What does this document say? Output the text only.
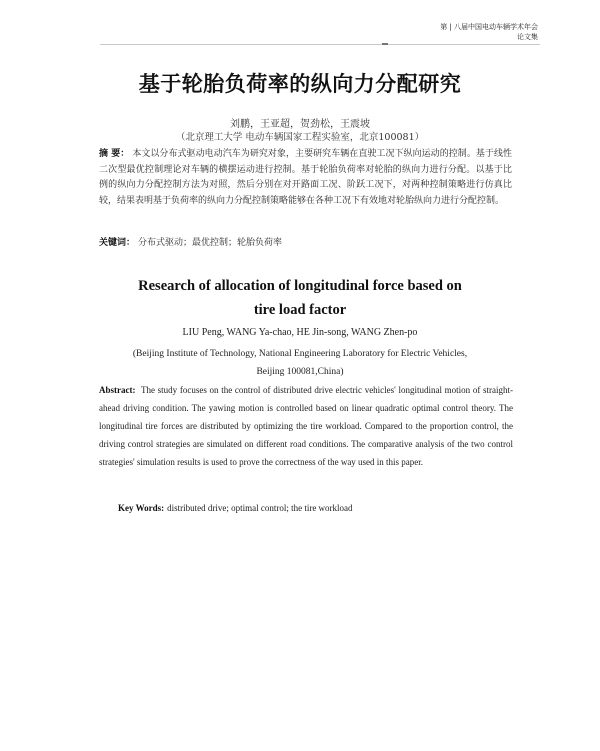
第 | 八届中国电动车辆学术年会
论文集
基于轮胎负荷率的纵向力分配研究
刘鹏，王亚超，贺劲松，王震坡
（北京理工大学 电动车辆国家工程实验室，北京100081）
摘 要： 本文以分布式驱动电动汽车为研究对象，主要研究车辆在直驶工况下纵向运动的控制。基于线性二次型最优控制理论对车辆的横摆运动进行控制。基于轮胎负荷率对轮胎的纵向力进行分配。以基于比例的纵向力分配控制方法为对照，然后分别在对开路面工况、阶跃工况下，对两种控制策略进行仿真比较，结果表明基于负荷率的纵向力分配控制策略能够在各种工况下有效地对轮胎纵向力进行分配控制。
关键词： 分布式驱动；最优控制；轮胎负荷率
Research of allocation of longitudinal force based on
tire load factor
LIU Peng, WANG Ya-chao, HE Jin-song, WANG Zhen-po
(Beijing Institute of Technology, National Engineering Laboratory for Electric Vehicles,
Beijing 100081,China)
Abstract: The study focuses on the control of distributed drive electric vehicles' longitudinal motion of straight-ahead driving condition. The yawing motion is controlled based on linear quadratic optimal control theory. The longitudinal tire forces are distributed by optimizing the tire workload. Compared to the proportion control, the driving control strategies are simulated on different road conditions. The comparative analysis of the two control strategies' simulation results is used to prove the correctness of the way used in this paper.
Key Words: distributed drive; optimal control; the tire workload
